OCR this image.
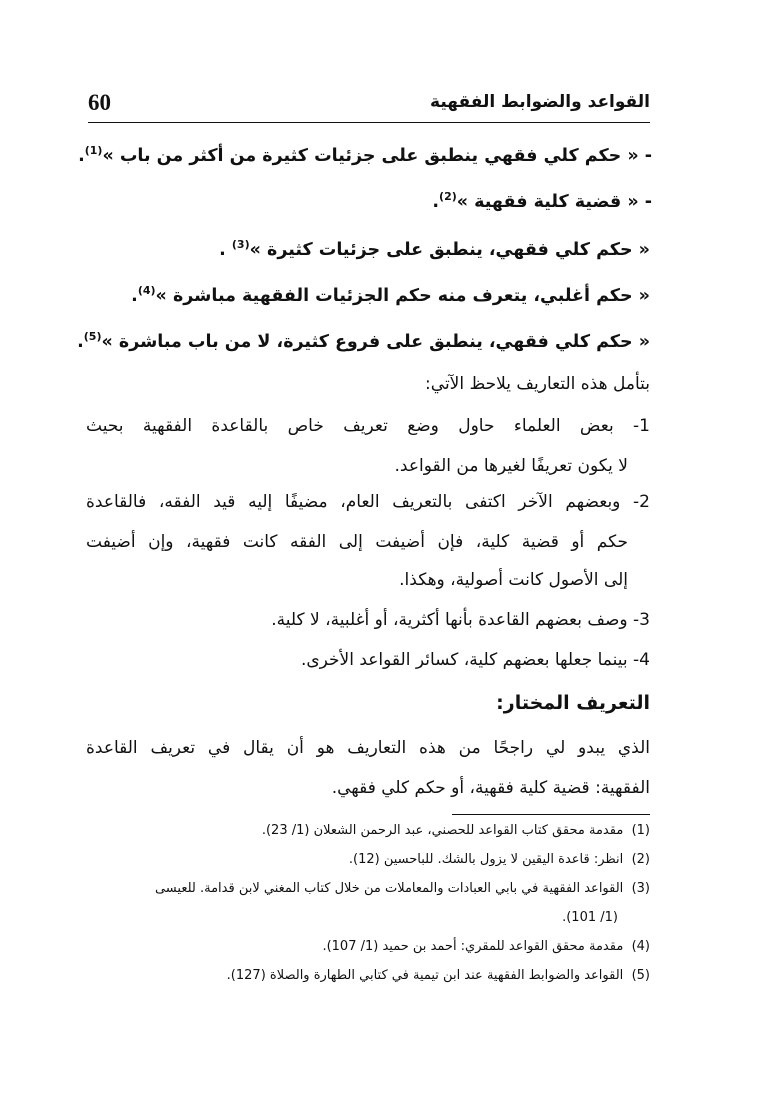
60	القواعد والضوابط الفقهية
- « حكم كلي فقهي ينطبق على جزئيات كثيرة من أكثر من باب »$^{(1)}$.
- « قضية كلية فقهية »$^{(2)}$.
« حكم كلي فقهي، ينطبق على جزئيات كثيرة »$^{(3)}$ .
« حكم أغلبي، يتعرف منه حكم الجزئيات الفقهية مباشرة »$^{(4)}$.
« حكم كلي فقهي، ينطبق على فروع كثيرة، لا من باب مباشرة »$^{(5)}$.
بتأمل هذه التعاريف يلاحظ الآتي:
1- بعض العلماء حاول وضع تعريف خاص بالقاعدة الفقهية بحيث
لا يكون تعريفًا لغيرها من القواعد.
2- وبعضهم الآخر اكتفى بالتعريف العام، مضيفًا إليه قيد الفقه، فالقاعدة
حكم أو قضية كلية، فإن أضيفت إلى الفقه كانت فقهية، وإن أضيفت
إلى الأصول كانت أصولية، وهكذا.
3- وصف بعضهم القاعدة بأنها أكثرية، أو أغلبية، لا كلية.
4- بينما جعلها بعضهم كلية، كسائر القواعد الأخرى.
التعريف المختار:
الذي يبدو لي راجحًا من هذه التعاريف هو أن يقال في تعريف القاعدة
الفقهية: قضية كلية فقهية، أو حكم كلي فقهي.
(1)  مقدمة محقق كتاب القواعد للحصني، عبد الرحمن الشعلان (1/ 23).
(2)  انظر: قاعدة اليقين لا يزول بالشك. للباحسين (12).
(3)  القواعد الفقهية في بابي العبادات والمعاملات من خلال كتاب المغني لابن قدامة. للعيسى
(1/ 101).
(4)  مقدمة محقق القواعد للمقري: أحمد بن حميد (1/ 107).
(5)  القواعد والضوابط الفقهية عند ابن تيمية في كتابي الطهارة والصلاة (127).
